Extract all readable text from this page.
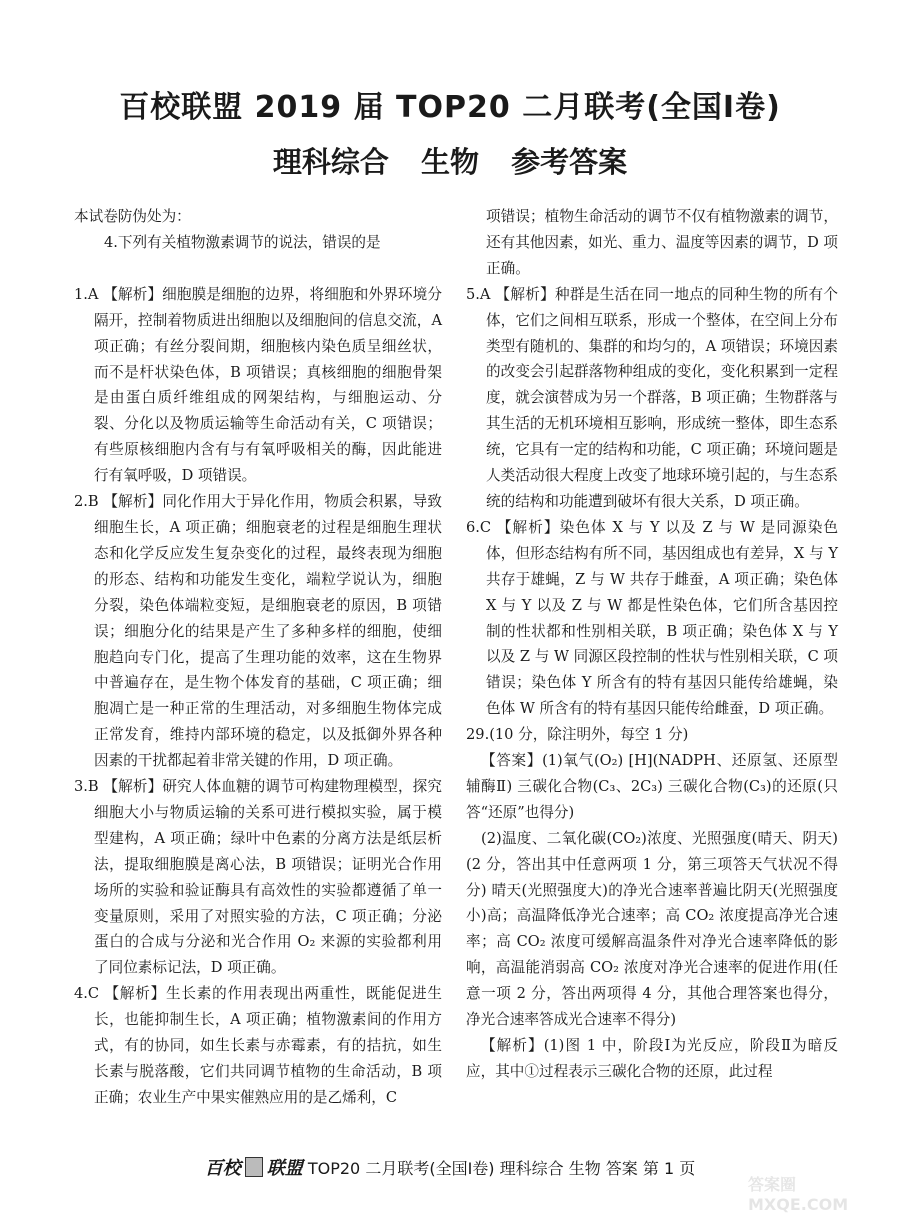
百校联盟 2019 届 TOP20 二月联考(全国Ⅰ卷)
理科综合 生物 参考答案

本试卷防伪处为：

4.下列有关植物激素调节的说法，错误的是

1.A 【解析】细胞膜是细胞的边界，将细胞和外界环境分隔开，控制着物质进出细胞以及细胞间的信息交流，A 项正确；有丝分裂间期，细胞核内染色质呈细丝状，而不是杆状染色体，B 项错误；真核细胞的细胞骨架是由蛋白质纤维组成的网架结构，与细胞运动、分裂、分化以及物质运输等生命活动有关，C 项错误；有些原核细胞内含有与有氧呼吸相关的酶，因此能进行有氧呼吸，D 项错误。

2.B 【解析】同化作用大于异化作用，物质会积累，导致细胞生长，A 项正确；细胞衰老的过程是细胞生理状态和化学反应发生复杂变化的过程，最终表现为细胞的形态、结构和功能发生变化，端粒学说认为，细胞分裂，染色体端粒变短，是细胞衰老的原因，B 项错误；细胞分化的结果是产生了多种多样的细胞，使细胞趋向专门化，提高了生理功能的效率，这在生物界中普遍存在，是生物个体发育的基础，C 项正确；细胞凋亡是一种正常的生理活动，对多细胞生物体完成正常发育，维持内部环境的稳定，以及抵御外界各种因素的干扰都起着非常关键的作用，D 项正确。

3.B 【解析】研究人体血糖的调节可构建物理模型，探究细胞大小与物质运输的关系可进行模拟实验，属于模型建构，A 项正确；绿叶中色素的分离方法是纸层析法，提取细胞膜是离心法，B 项错误；证明光合作用场所的实验和验证酶具有高效性的实验都遵循了单一变量原则，采用了对照实验的方法，C 项正确；分泌蛋白的合成与分泌和光合作用 O₂ 来源的实验都利用了同位素标记法，D 项正确。

4.C 【解析】生长素的作用表现出两重性，既能促进生长，也能抑制生长，A 项正确；植物激素间的作用方式，有的协同，如生长素与赤霉素，有的拮抗，如生长素与脱落酸，它们共同调节植物的生命活动，B 项正确；农业生产中果实催熟应用的是乙烯利，C

项错误；植物生命活动的调节不仅有植物激素的调节，还有其他因素，如光、重力、温度等因素的调节，D 项正确。

5.A 【解析】种群是生活在同一地点的同种生物的所有个体，它们之间相互联系，形成一个整体，在空间上分布类型有随机的、集群的和均匀的，A 项错误；环境因素的改变会引起群落物种组成的变化，变化积累到一定程度，就会演替成为另一个群落，B 项正确；生物群落与其生活的无机环境相互影响，形成统一整体，即生态系统，它具有一定的结构和功能，C 项正确；环境问题是人类活动很大程度上改变了地球环境引起的，与生态系统的结构和功能遭到破坏有很大关系，D 项正确。

6.C 【解析】染色体 X 与 Y 以及 Z 与 W 是同源染色体，但形态结构有所不同，基因组成也有差异，X 与 Y 共存于雄蝇，Z 与 W 共存于雌蚕，A 项正确；染色体 X 与 Y 以及 Z 与 W 都是性染色体，它们所含基因控制的性状都和性别相关联，B 项正确；染色体 X 与 Y 以及 Z 与 W 同源区段控制的性状与性别相关联，C 项错误；染色体 Y 所含有的特有基因只能传给雄蝇，染色体 W 所含有的特有基因只能传给雌蚕，D 项正确。

29.(10 分，除注明外，每空 1 分)

【答案】(1)氧气(O₂) [H](NADPH、还原氢、还原型辅酶Ⅱ) 三碳化合物(C₃、2C₃) 三碳化合物(C₃)的还原(只答“还原”也得分)

(2)温度、二氧化碳(CO₂)浓度、光照强度(晴天、阴天)(2 分，答出其中任意两项 1 分，第三项答天气状况不得分) 晴天(光照强度大)的净光合速率普遍比阴天(光照强度小)高；高温降低净光合速率；高 CO₂ 浓度提高净光合速率；高 CO₂ 浓度可缓解高温条件对净光合速率降低的影响，高温能消弱高 CO₂ 浓度对净光合速率的促进作用(任意一项 2 分，答出两项得 4 分，其他合理答案也得分，净光合速率答成光合速率不得分)

【解析】(1)图 1 中，阶段Ⅰ为光反应，阶段Ⅱ为暗反应，其中①过程表示三碳化合物的还原，此过程

百校 联盟 TOP20 二月联考(全国Ⅰ卷) 理科综合 生物 答案 第 1 页
答案圈 MXQE.COM
